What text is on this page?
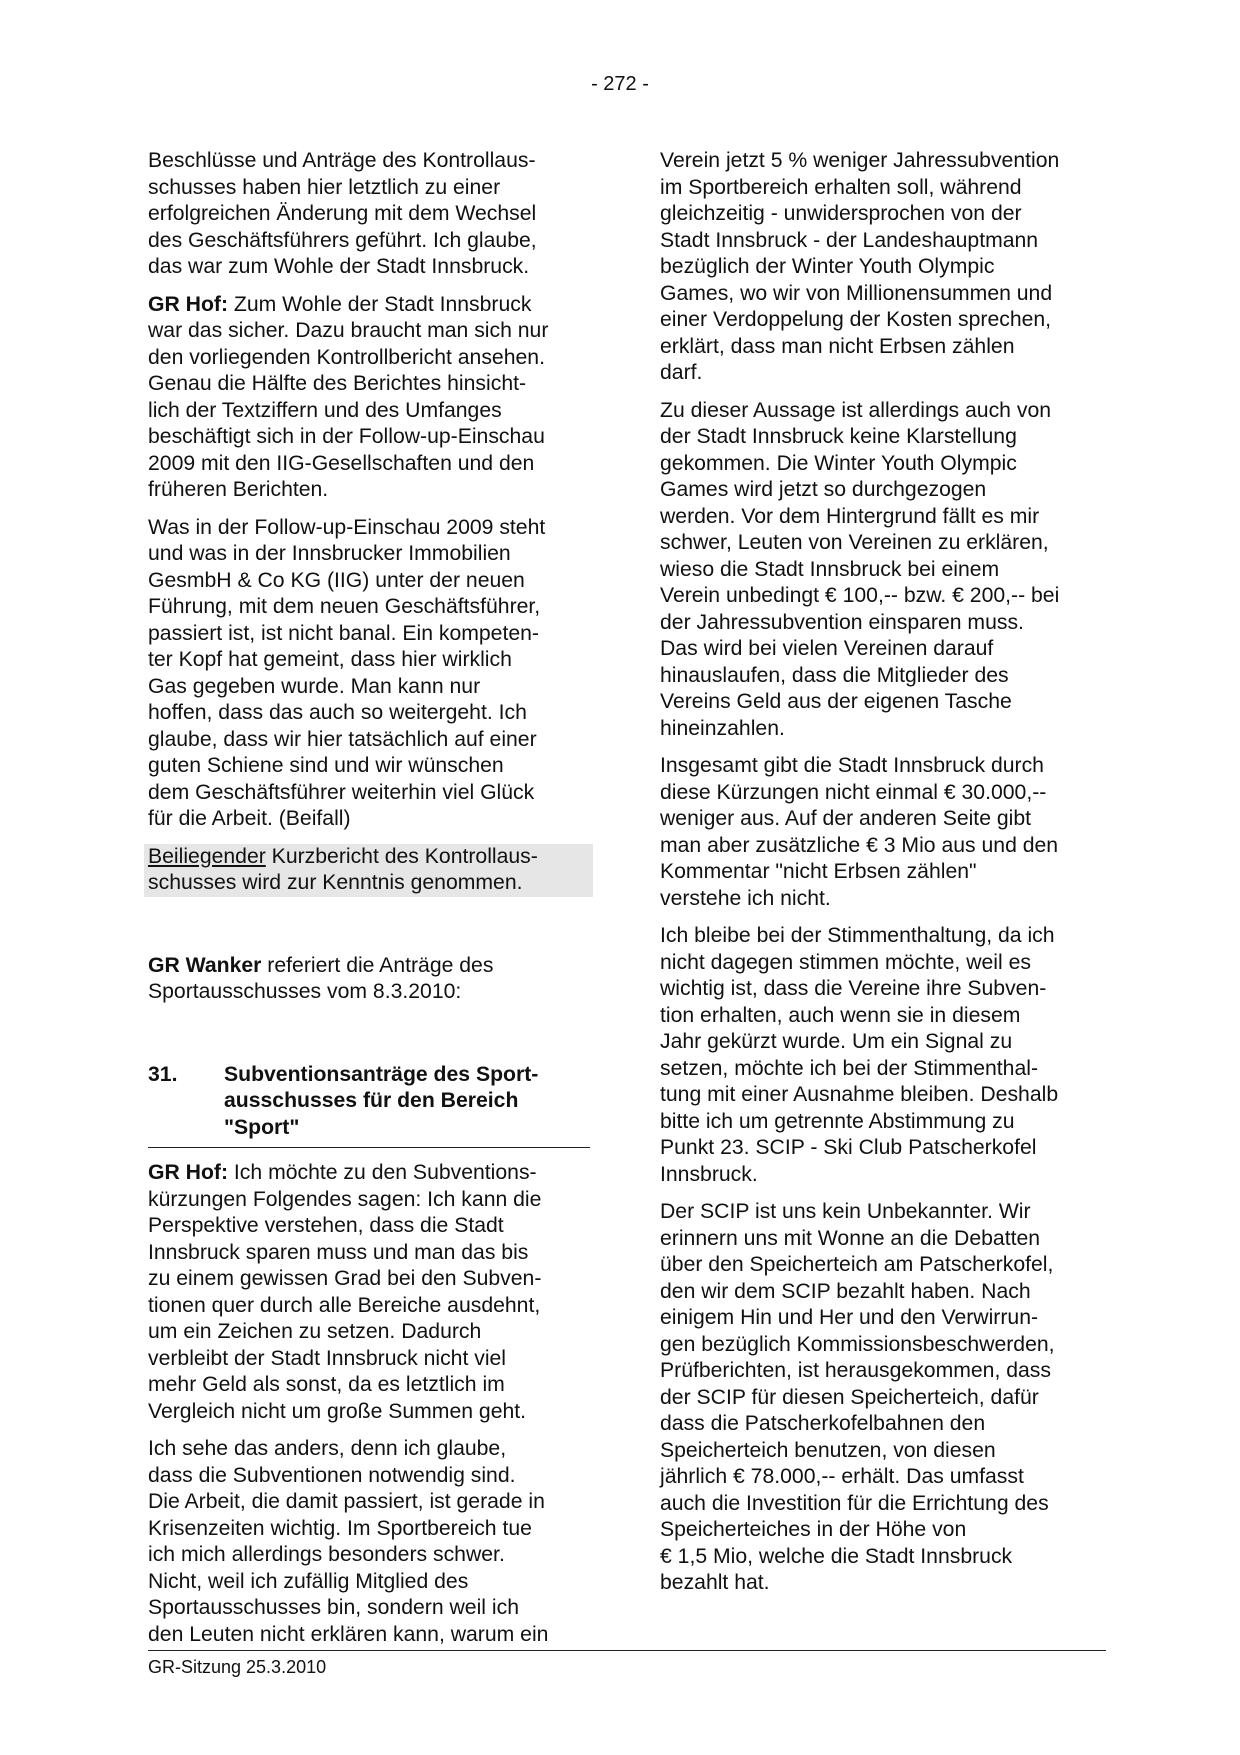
- 272 -

Beschlüsse und Anträge des Kontrollaus-
schusses haben hier letztlich zu einer
erfolgreichen Änderung mit dem Wechsel
des Geschäftsführers geführt. Ich glaube,
das war zum Wohle der Stadt Innsbruck.

GR Hof: Zum Wohle der Stadt Innsbruck
war das sicher. Dazu braucht man sich nur
den vorliegenden Kontrollbericht ansehen.
Genau die Hälfte des Berichtes hinsicht-
lich der Textziffern und des Umfanges
beschäftigt sich in der Follow-up-Einschau
2009 mit den IIG-Gesellschaften und den
früheren Berichten.

Was in der Follow-up-Einschau 2009 steht
und was in der Innsbrucker Immobilien
GesmbH & Co KG (IIG) unter der neuen
Führung, mit dem neuen Geschäftsführer,
passiert ist, ist nicht banal. Ein kompeten-
ter Kopf hat gemeint, dass hier wirklich
Gas gegeben wurde. Man kann nur
hoffen, dass das auch so weitergeht. Ich
glaube, dass wir hier tatsächlich auf einer
guten Schiene sind und wir wünschen
dem Geschäftsführer weiterhin viel Glück
für die Arbeit. (Beifall)

Beiliegender Kurzbericht des Kontrollaus-
schusses wird zur Kenntnis genommen.

GR Wanker referiert die Anträge des
Sportausschusses vom 8.3.2010:

31.	Subventionsanträge des Sport-
ausschusses für den Bereich
"Sport"

GR Hof: Ich möchte zu den Subventions-
kürzungen Folgendes sagen: Ich kann die
Perspektive verstehen, dass die Stadt
Innsbruck sparen muss und man das bis
zu einem gewissen Grad bei den Subven-
tionen quer durch alle Bereiche ausdehnt,
um ein Zeichen zu setzen. Dadurch
verbleibt der Stadt Innsbruck nicht viel
mehr Geld als sonst, da es letztlich im
Vergleich nicht um große Summen geht.

Ich sehe das anders, denn ich glaube,
dass die Subventionen notwendig sind.
Die Arbeit, die damit passiert, ist gerade in
Krisenzeiten wichtig. Im Sportbereich tue
ich mich allerdings besonders schwer.
Nicht, weil ich zufällig Mitglied des
Sportausschusses bin, sondern weil ich
den Leuten nicht erklären kann, warum ein

Verein jetzt 5 % weniger Jahressubvention
im Sportbereich erhalten soll, während
gleichzeitig - unwidersprochen von der
Stadt Innsbruck - der Landeshauptmann
bezüglich der Winter Youth Olympic
Games, wo wir von Millionensummen und
einer Verdoppelung der Kosten sprechen,
erklärt, dass man nicht Erbsen zählen
darf.

Zu dieser Aussage ist allerdings auch von
der Stadt Innsbruck keine Klarstellung
gekommen. Die Winter Youth Olympic
Games wird jetzt so durchgezogen
werden. Vor dem Hintergrund fällt es mir
schwer, Leuten von Vereinen zu erklären,
wieso die Stadt Innsbruck bei einem
Verein unbedingt € 100,-- bzw. € 200,-- bei
der Jahressubvention einsparen muss.
Das wird bei vielen Vereinen darauf
hinauslaufen, dass die Mitglieder des
Vereins Geld aus der eigenen Tasche
hineinzahlen.

Insgesamt gibt die Stadt Innsbruck durch
diese Kürzungen nicht einmal € 30.000,--
weniger aus. Auf der anderen Seite gibt
man aber zusätzliche € 3 Mio aus und den
Kommentar "nicht Erbsen zählen"
verstehe ich nicht.

Ich bleibe bei der Stimmenthaltung, da ich
nicht dagegen stimmen möchte, weil es
wichtig ist, dass die Vereine ihre Subven-
tion erhalten, auch wenn sie in diesem
Jahr gekürzt wurde. Um ein Signal zu
setzen, möchte ich bei der Stimmenthal-
tung mit einer Ausnahme bleiben. Deshalb
bitte ich um getrennte Abstimmung zu
Punkt 23. SCIP - Ski Club Patscherkofel
Innsbruck.

Der SCIP ist uns kein Unbekannter. Wir
erinnern uns mit Wonne an die Debatten
über den Speicherteich am Patscherkofel,
den wir dem SCIP bezahlt haben. Nach
einigem Hin und Her und den Verwirrun-
gen bezüglich Kommissionsbeschwerden,
Prüfberichten, ist herausgekommen, dass
der SCIP für diesen Speicherteich, dafür
dass die Patscherkofelbahnen den
Speicherteich benutzen, von diesen
jährlich € 78.000,-- erhält. Das umfasst
auch die Investition für die Errichtung des
Speicherteiches in der Höhe von
€ 1,5 Mio, welche die Stadt Innsbruck
bezahlt hat.

GR-Sitzung 25.3.2010
